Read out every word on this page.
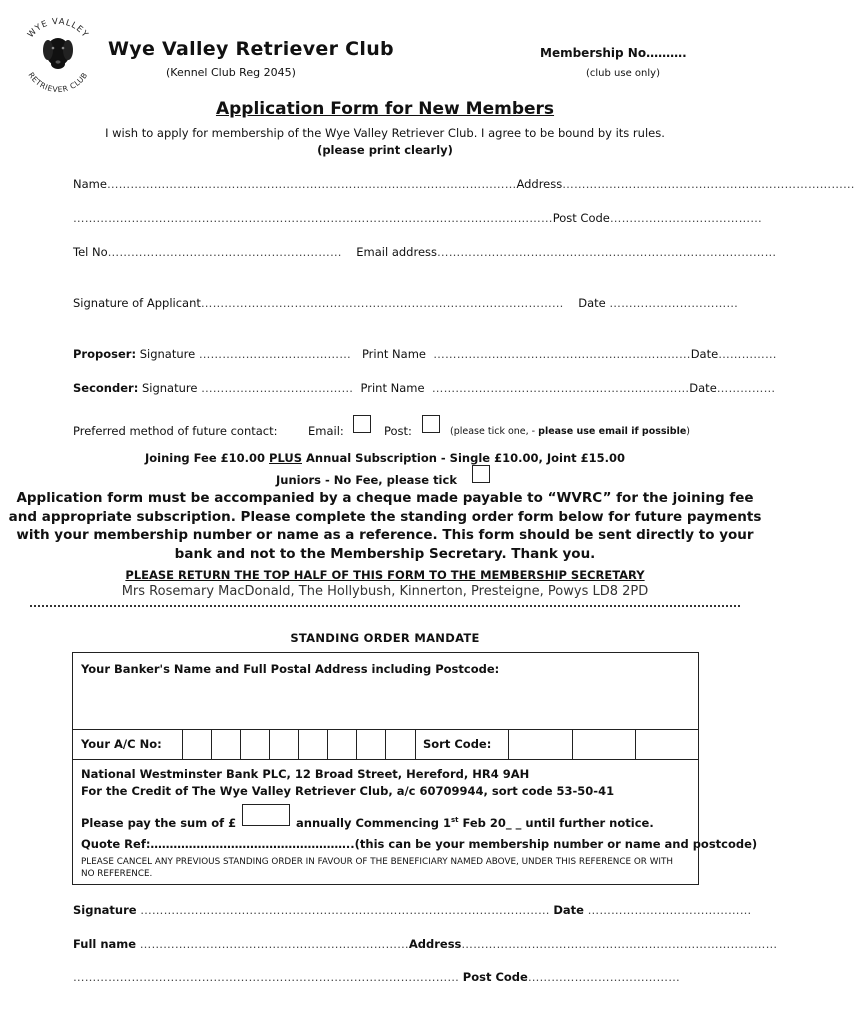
WYE VALLEY
RETRIEVER CLUB
Wye Valley Retriever Club
(Kennel Club Reg 2045)
Membership No……….
(club use only)
Application Form for New Members
I wish to apply for membership of the Wye Valley Retriever Club. I agree to be bound by its rules.
(please print clearly)
Name……………………………………………………………………………………………Address…………………………………………………………………
……………………………………………………………………………………………………………Post Code…………………………………
Tel No…………………………………………………… Email address……………………………………………………………………………
Signature of Applicant………………………………………………………………………………… Date ……………………………
Proposer: Signature ………………………………… Print Name …………………………………………………………Date……………
Seconder: Signature ………………………………… Print Name …………………………………………………………Date……………
Preferred method of future contact:	Email:	Post:	(please tick one, - please use email if possible)
Joining Fee £10.00 PLUS Annual Subscription - Single £10.00, Joint £15.00
Juniors - No Fee, please tick
Application form must be accompanied by a cheque made payable to “WVRC” for the joining fee and appropriate subscription. Please complete the standing order form below for future payments with your membership number or name as a reference. This form should be sent directly to your bank and not to the Membership Secretary. Thank you.
PLEASE RETURN THE TOP HALF OF THIS FORM TO THE MEMBERSHIP SECRETARY
Mrs Rosemary MacDonald, The Hollybush, Kinnerton, Presteigne, Powys LD8 2PD
STANDING ORDER MANDATE
Your Banker's Name and Full Postal Address including Postcode:
Your A/C No:	Sort Code:
National Westminster Bank PLC, 12 Broad Street, Hereford, HR4 9AH
For the Credit of The Wye Valley Retriever Club, a/c 60709944, sort code 53-50-41
Please pay the sum of £	annually Commencing 1st Feb 20_ _ until further notice.
Quote Ref:……………………………………………..(this can be your membership number or name and postcode)
PLEASE CANCEL ANY PREVIOUS STANDING ORDER IN FAVOUR OF THE BENEFICIARY NAMED ABOVE, UNDER THIS REFERENCE OR WITH NO REFERENCE.
Signature …………………………………………………………………………………………… Date ……………………………………
Full name ……………………………………………………………Address………………………………………………………………………
……………………………………………………………………………………… Post Code…………………………………
